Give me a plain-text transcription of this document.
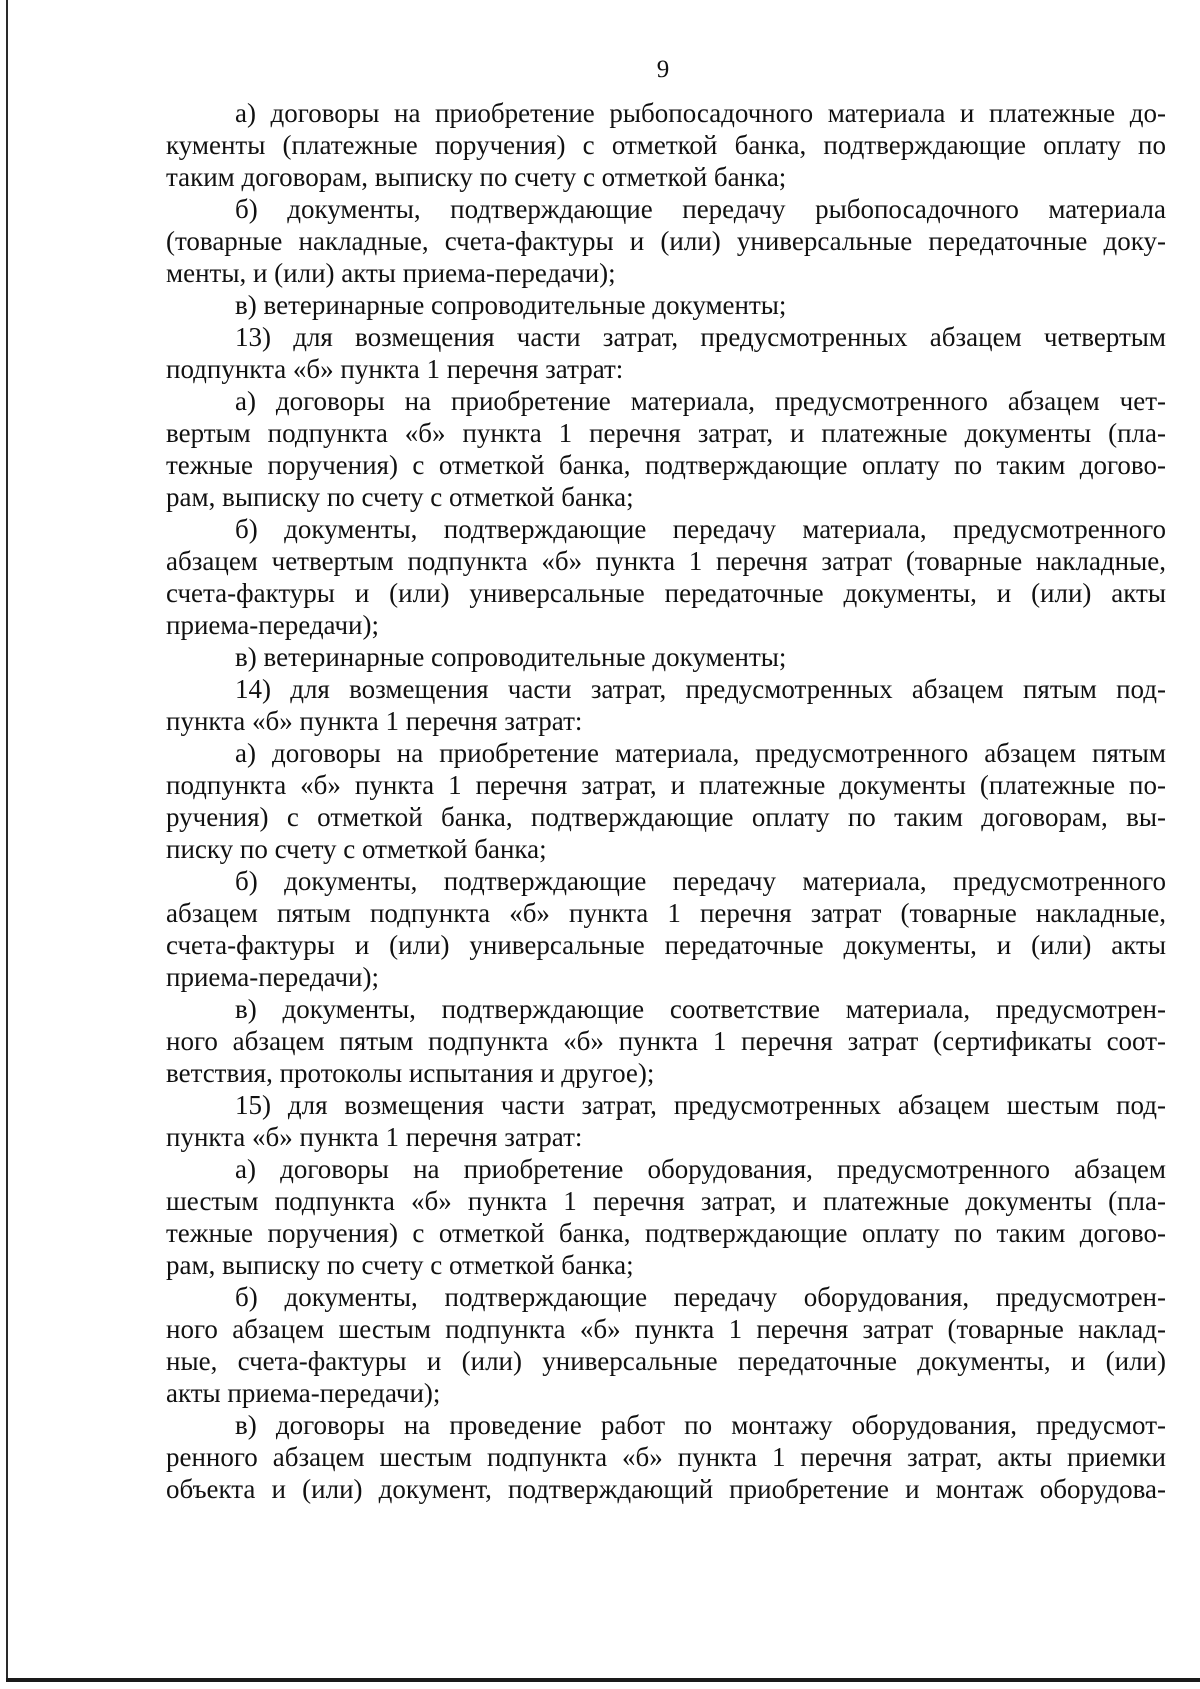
9
а) договоры на приобретение рыбопосадочного материала и платежные до-
кументы (платежные поручения) с отметкой банка, подтверждающие оплату по
таким договорам, выписку по счету с отметкой банка;
б) документы, подтверждающие передачу рыбопосадочного материала
(товарные накладные, счета-фактуры и (или) универсальные передаточные доку-
менты, и (или) акты приема-передачи);
в) ветеринарные сопроводительные документы;
13) для возмещения части затрат, предусмотренных абзацем четвертым
подпункта «б» пункта 1 перечня затрат:
а) договоры на приобретение материала, предусмотренного абзацем чет-
вертым подпункта «б» пункта 1 перечня затрат, и платежные документы (пла-
тежные поручения) с отметкой банка, подтверждающие оплату по таким догово-
рам, выписку по счету с отметкой банка;
б) документы, подтверждающие передачу материала, предусмотренного
абзацем четвертым подпункта «б» пункта 1 перечня затрат (товарные накладные,
счета-фактуры и (или) универсальные передаточные документы, и (или) акты
приема-передачи);
в) ветеринарные сопроводительные документы;
14) для возмещения части затрат, предусмотренных абзацем пятым под-
пункта «б» пункта 1 перечня затрат:
а) договоры на приобретение материала, предусмотренного абзацем пятым
подпункта «б» пункта 1 перечня затрат, и платежные документы (платежные по-
ручения) с отметкой банка, подтверждающие оплату по таким договорам, вы-
писку по счету с отметкой банка;
б) документы, подтверждающие передачу материала, предусмотренного
абзацем пятым подпункта «б» пункта 1 перечня затрат (товарные накладные,
счета-фактуры и (или) универсальные передаточные документы, и (или) акты
приема-передачи);
в) документы, подтверждающие соответствие материала, предусмотрен-
ного абзацем пятым подпункта «б» пункта 1 перечня затрат (сертификаты соот-
ветствия, протоколы испытания и другое);
15) для возмещения части затрат, предусмотренных абзацем шестым под-
пункта «б» пункта 1 перечня затрат:
а) договоры на приобретение оборудования, предусмотренного абзацем
шестым подпункта «б» пункта 1 перечня затрат, и платежные документы (пла-
тежные поручения) с отметкой банка, подтверждающие оплату по таким догово-
рам, выписку по счету с отметкой банка;
б) документы, подтверждающие передачу оборудования, предусмотрен-
ного абзацем шестым подпункта «б» пункта 1 перечня затрат (товарные наклад-
ные, счета-фактуры и (или) универсальные передаточные документы, и (или)
акты приема-передачи);
в) договоры на проведение работ по монтажу оборудования, предусмот-
ренного абзацем шестым подпункта «б» пункта 1 перечня затрат, акты приемки
объекта и (или) документ, подтверждающий приобретение и монтаж оборудова-
